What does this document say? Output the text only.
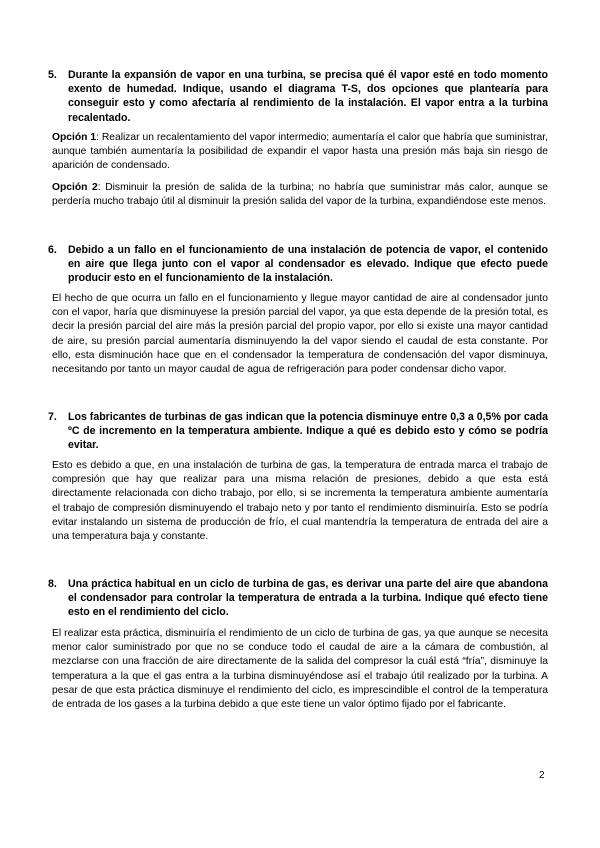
5. Durante la expansión de vapor en una turbina, se precisa qué él vapor esté en todo momento exento de humedad. Indique, usando el diagrama T-S, dos opciones que plantearía para conseguir esto y como afectaría al rendimiento de la instalación. El vapor entra a la turbina recalentado.
Opción 1: Realizar un recalentamiento del vapor intermedio; aumentaría el calor que habría que suministrar, aunque también aumentaría la posibilidad de expandir el vapor hasta una presión más baja sin riesgo de aparición de condensado.
Opción 2: Disminuir la presión de salida de la turbina; no habría que suministrar más calor, aunque se perdería mucho trabajo útil al disminuir la presión salida del vapor de la turbina, expandiéndose este menos.
6. Debido a un fallo en el funcionamiento de una instalación de potencia de vapor, el contenido en aire que llega junto con el vapor al condensador es elevado. Indique que efecto puede producir esto en el funcionamiento de la instalación.
El hecho de que ocurra un fallo en el funcionamiento y llegue mayor cantidad de aire al condensador junto con el vapor, haría que disminuyese la presión parcial del vapor, ya que esta depende de la presión total, es decir la presión parcial del aire más la presión parcial del propio vapor, por ello si existe una mayor cantidad de aire, su presión parcial aumentaría disminuyendo la del vapor siendo el caudal de esta constante. Por ello, esta disminución hace que en el condensador la temperatura de condensación del vapor disminuya, necesitando por tanto un mayor caudal de agua de refrigeración para poder condensar dicho vapor.
7. Los fabricantes de turbinas de gas indican que la potencia disminuye entre 0,3 a 0,5% por cada ºC de incremento en la temperatura ambiente. Indique a qué es debido esto y cómo se podría evitar.
Esto es debido a que, en una instalación de turbina de gas, la temperatura de entrada marca el trabajo de compresión que hay que realizar para una misma relación de presiones, debido a que esta está directamente relacionada con dicho trabajo, por ello, si se incrementa la temperatura ambiente aumentaría el trabajo de compresión disminuyendo el trabajo neto y por tanto el rendimiento disminuiría. Esto se podría evitar instalando un sistema de producción de frío, el cual mantendría la temperatura de entrada del aire a una temperatura baja y constante.
8. Una práctica habitual en un ciclo de turbina de gas, es derivar una parte del aire que abandona el condensador para controlar la temperatura de entrada a la turbina. Indique qué efecto tiene esto en el rendimiento del ciclo.
El realizar esta práctica, disminuiría el rendimiento de un ciclo de turbina de gas, ya que aunque se necesita menor calor suministrado por que no se conduce todo el caudal de aire a la cámara de combustión, al mezclarse con una fracción de aire directamente de la salida del compresor la cuál está “fría”, disminuye la temperatura a la que el gas entra a la turbina disminuyéndose así el trabajo útil realizado por la turbina. A pesar de que esta práctica disminuye el rendimiento del ciclo, es imprescindible el control de la temperatura de entrada de los gases a la turbina debido a que este tiene un valor óptimo fijado por el fabricante.
2
